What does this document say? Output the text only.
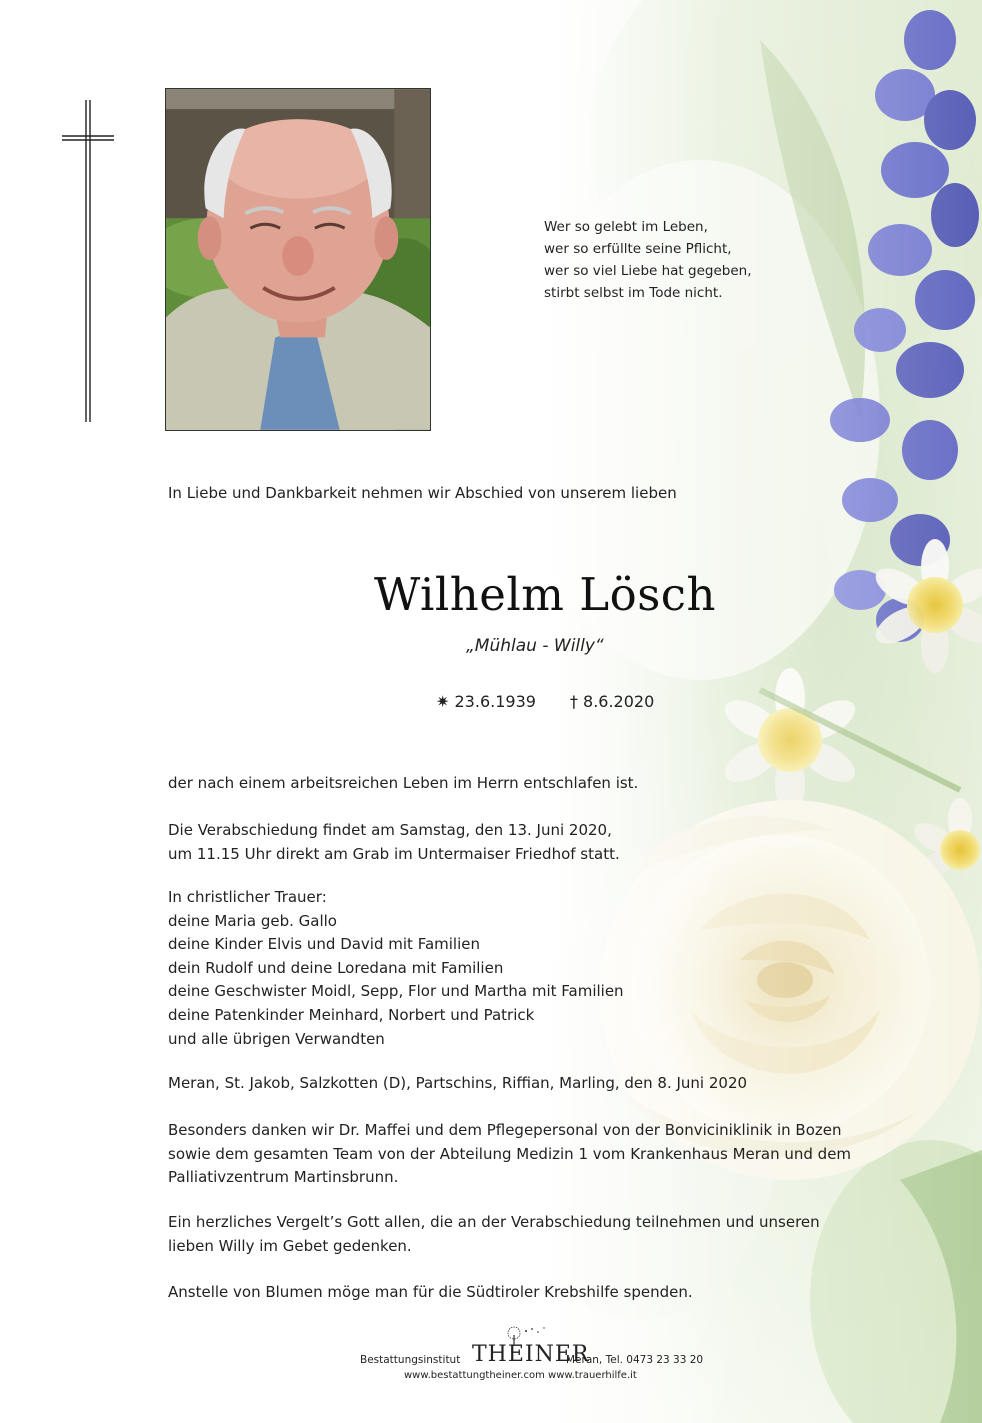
Wer so gelebt im Leben,
wer so erfüllte seine Pflicht,
wer so viel Liebe hat gegeben,
stirbt selbst im Tode nicht.
In Liebe und Dankbarkeit nehmen wir Abschied von unserem lieben
Wilhelm Lösch
„Mühlau - Willy“
✷ 23.6.1939 † 8.6.2020
der nach einem arbeitsreichen Leben im Herrn entschlafen ist.
Die Verabschiedung findet am Samstag, den 13. Juni 2020,
um 11.15 Uhr direkt am Grab im Untermaiser Friedhof statt.
In christlicher Trauer:
deine Maria geb. Gallo
deine Kinder Elvis und David mit Familien
dein Rudolf und deine Loredana mit Familien
deine Geschwister Moidl, Sepp, Flor und Martha mit Familien
deine Patenkinder Meinhard, Norbert und Patrick
und alle übrigen Verwandten
Meran, St. Jakob, Salzkotten (D), Partschins, Riffian, Marling, den 8. Juni 2020
Besonders danken wir Dr. Maffei und dem Pflegepersonal von der Bonviciniklinik in Bozen
sowie dem gesamten Team von der Abteilung Medizin 1 vom Krankenhaus Meran und dem
Palliativzentrum Martinsbrunn.
Ein herzliches Vergelt’s Gott allen, die an der Verabschiedung teilnehmen und unseren
lieben Willy im Gebet gedenken.
Anstelle von Blumen möge man für die Südtiroler Krebshilfe spenden.
Bestattungsinstitut THEINER
Meran, Tel. 0473 23 33 20
www.bestattungtheiner.com www.trauerhilfe.it
